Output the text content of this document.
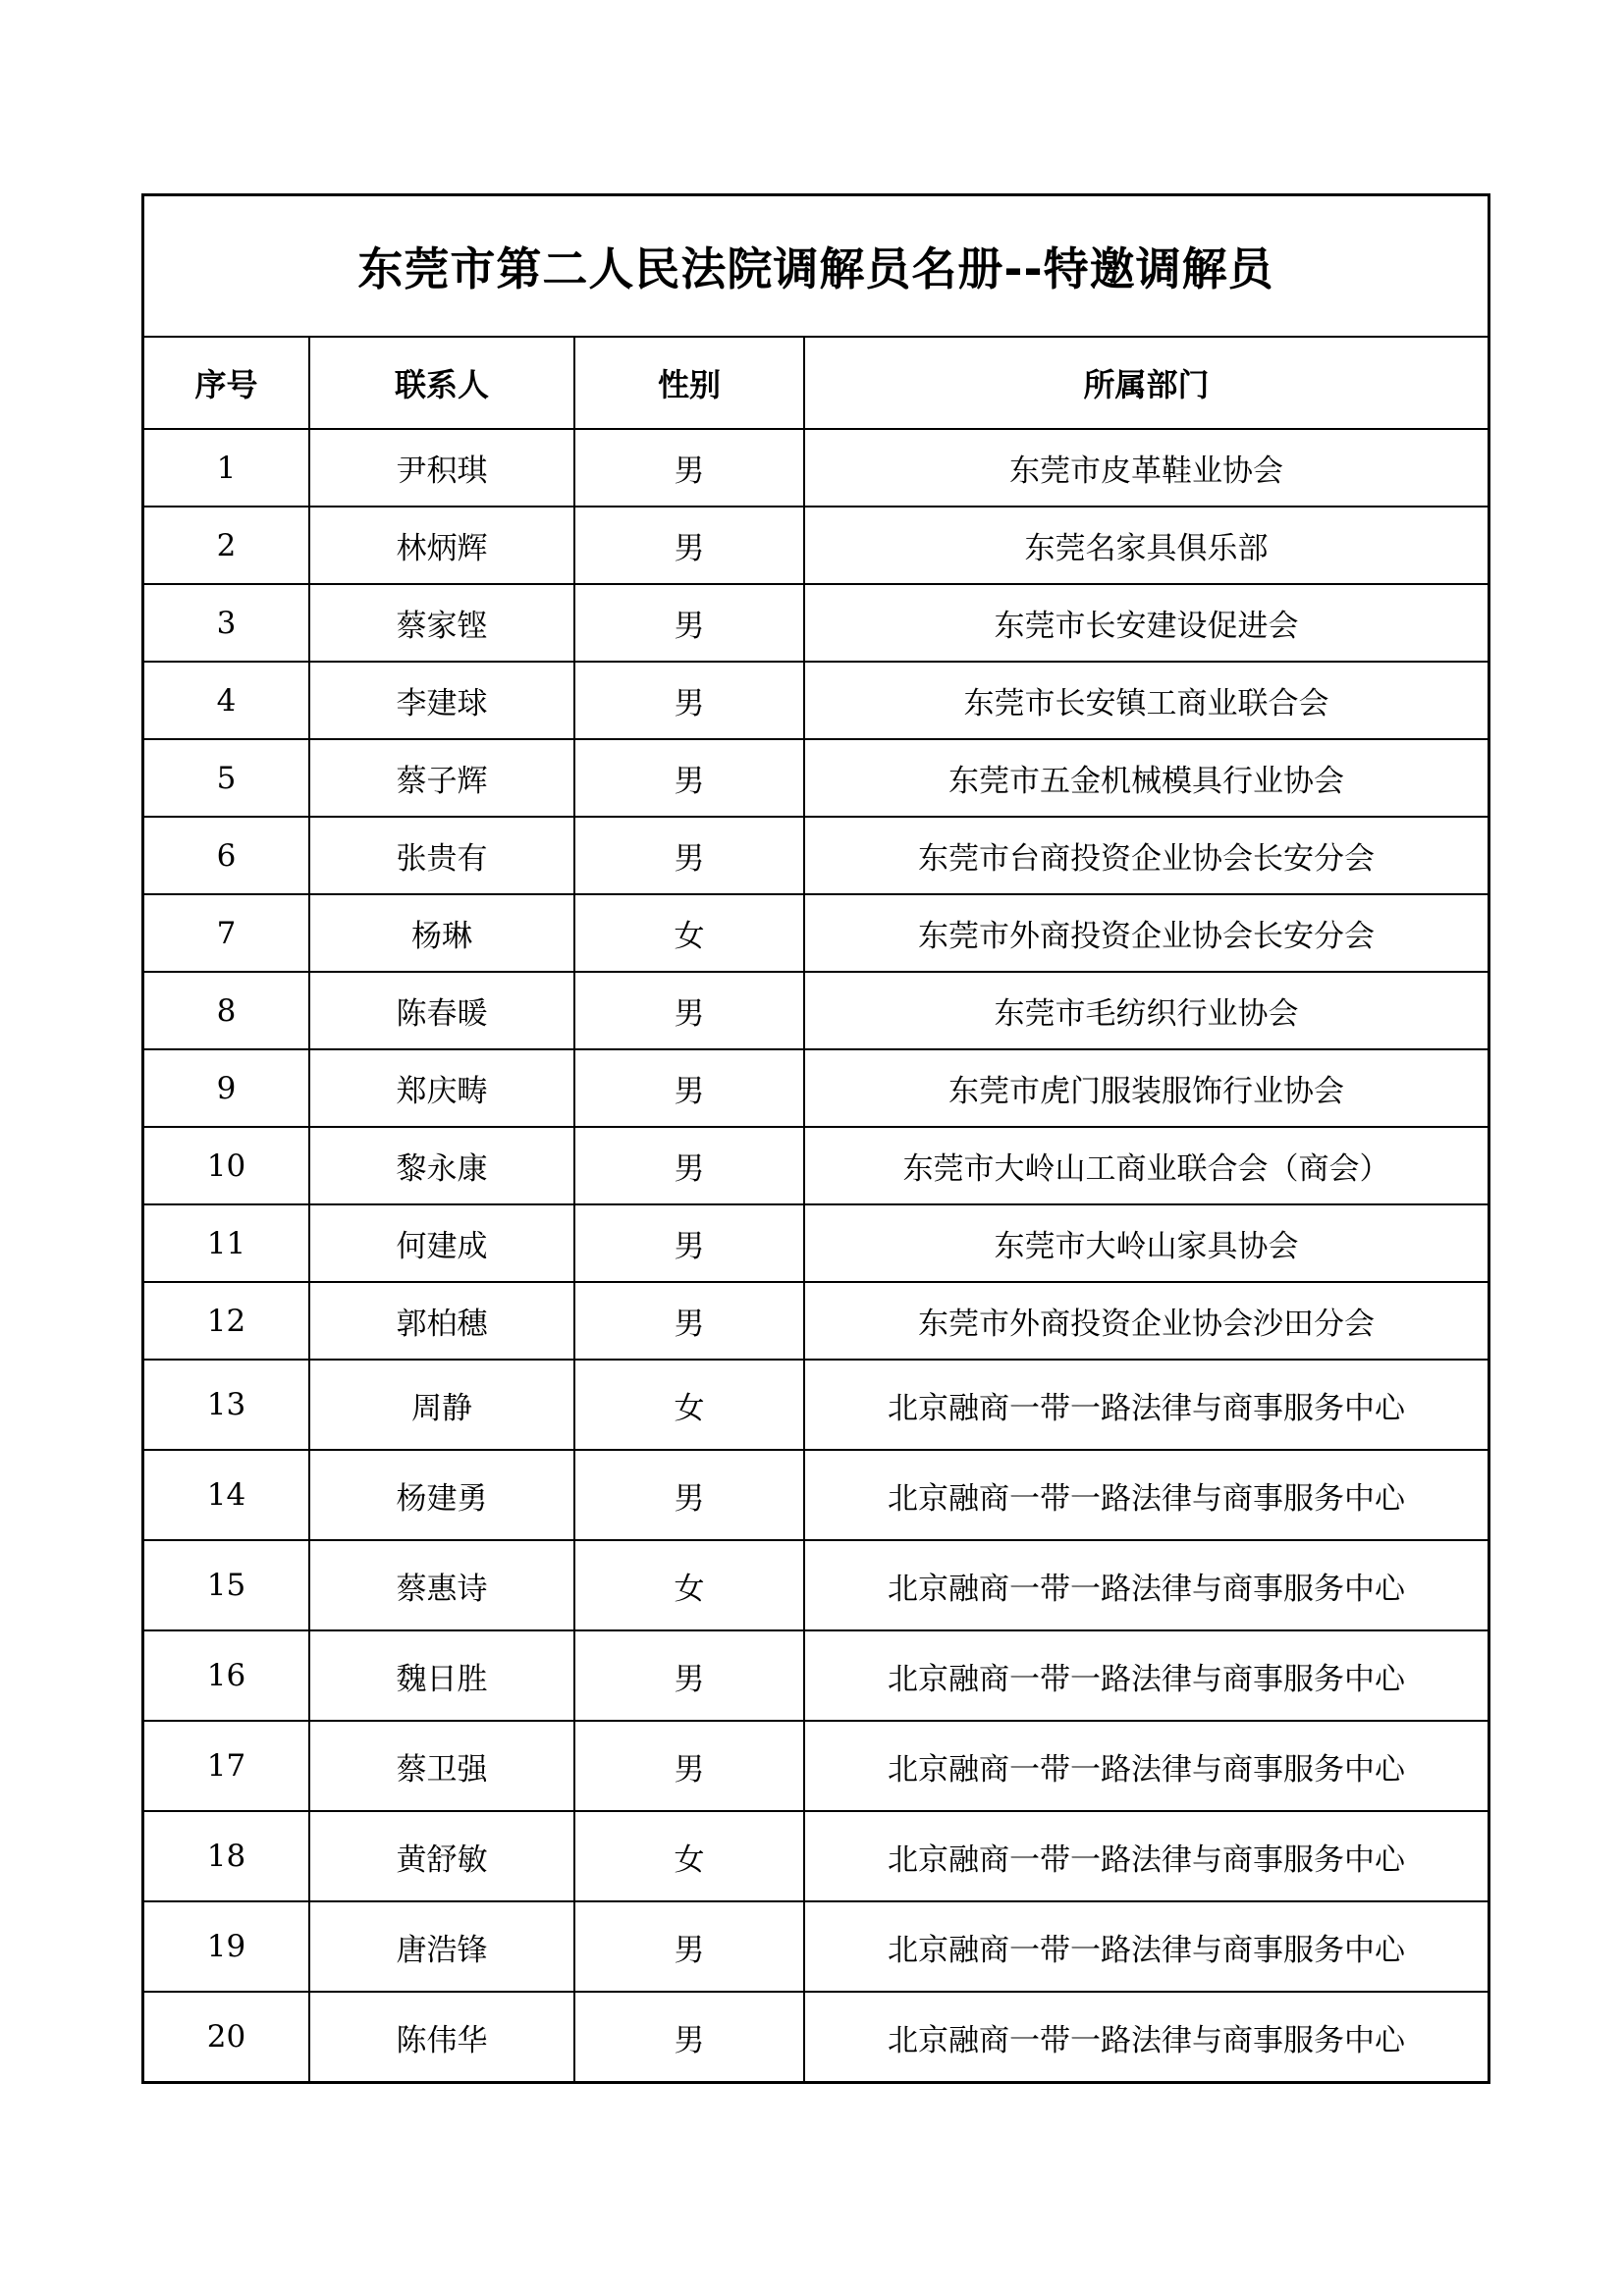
东莞市第二人民法院调解员名册--特邀调解员
序号	联系人	性别	所属部门
1	尹积琪	男	东莞市皮革鞋业协会
2	林炳辉	男	东莞名家具俱乐部
3	蔡家铿	男	东莞市长安建设促进会
4	李建球	男	东莞市长安镇工商业联合会
5	蔡子辉	男	东莞市五金机械模具行业协会
6	张贵有	男	东莞市台商投资企业协会长安分会
7	杨琳	女	东莞市外商投资企业协会长安分会
8	陈春暖	男	东莞市毛纺织行业协会
9	郑庆畴	男	东莞市虎门服装服饰行业协会
10	黎永康	男	东莞市大岭山工商业联合会（商会）
11	何建成	男	东莞市大岭山家具协会
12	郭柏穗	男	东莞市外商投资企业协会沙田分会
13	周静	女	北京融商一带一路法律与商事服务中心
14	杨建勇	男	北京融商一带一路法律与商事服务中心
15	蔡惠诗	女	北京融商一带一路法律与商事服务中心
16	魏日胜	男	北京融商一带一路法律与商事服务中心
17	蔡卫强	男	北京融商一带一路法律与商事服务中心
18	黄舒敏	女	北京融商一带一路法律与商事服务中心
19	唐浩锋	男	北京融商一带一路法律与商事服务中心
20	陈伟华	男	北京融商一带一路法律与商事服务中心
